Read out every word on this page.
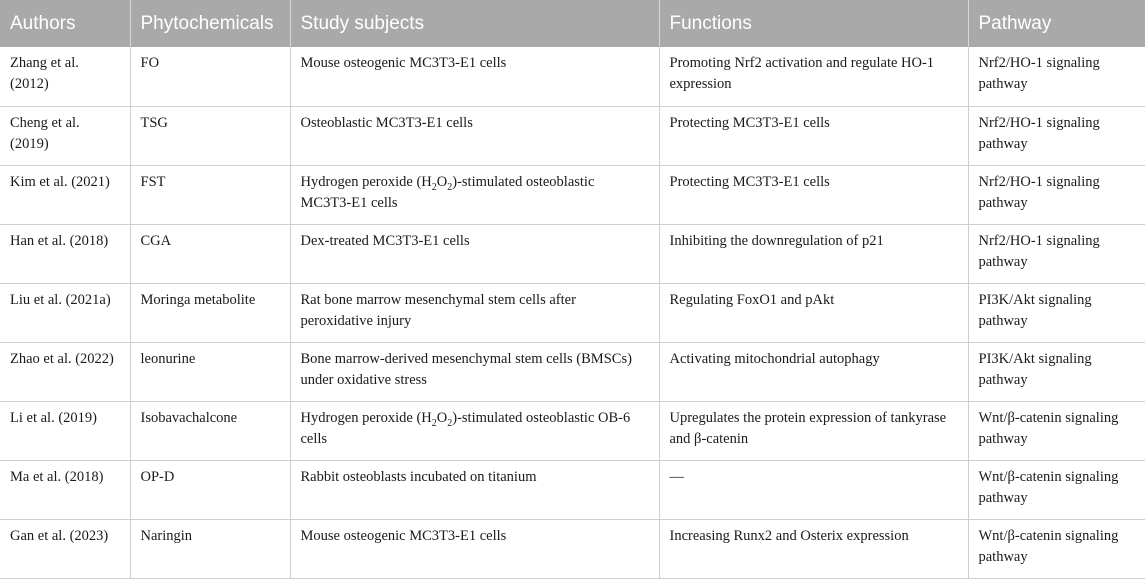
Authors	Phytochemicals	Study subjects	Functions	Pathway
Zhang et al. (2012)	FO	Mouse osteogenic MC3T3-E1 cells	Promoting Nrf2 activation and regulate HO-1 expression	Nrf2/HO-1 signaling pathway
Cheng et al. (2019)	TSG	Osteoblastic MC3T3-E1 cells	Protecting MC3T3-E1 cells	Nrf2/HO-1 signaling pathway
Kim et al. (2021)	FST	Hydrogen peroxide $(H_2O_2)$-stimulated osteoblastic MC3T3-E1 cells	Protecting MC3T3-E1 cells	Nrf2/HO-1 signaling pathway
Han et al. (2018)	CGA	Dex-treated MC3T3-E1 cells	Inhibiting the downregulation of p21	Nrf2/HO-1 signaling pathway
Liu et al. (2021a)	Moringa metabolite	Rat bone marrow mesenchymal stem cells after peroxidative injury	Regulating FoxO1 and pAkt	PI3K/Akt signaling pathway
Zhao et al. (2022)	leonurine	Bone marrow-derived mesenchymal stem cells (BMSCs) under oxidative stress	Activating mitochondrial autophagy	PI3K/Akt signaling pathway
Li et al. (2019)	Isobavachalcone	Hydrogen peroxide $(H_2O_2)$-stimulated osteoblastic OB-6 cells	Upregulates the protein expression of tankyrase and β-catenin	Wnt/β-catenin signaling pathway
Ma et al. (2018)	OP-D	Rabbit osteoblasts incubated on titanium	—	Wnt/β-catenin signaling pathway
Gan et al. (2023)	Naringin	Mouse osteogenic MC3T3-E1 cells	Increasing Runx2 and Osterix expression	Wnt/β-catenin signaling pathway
